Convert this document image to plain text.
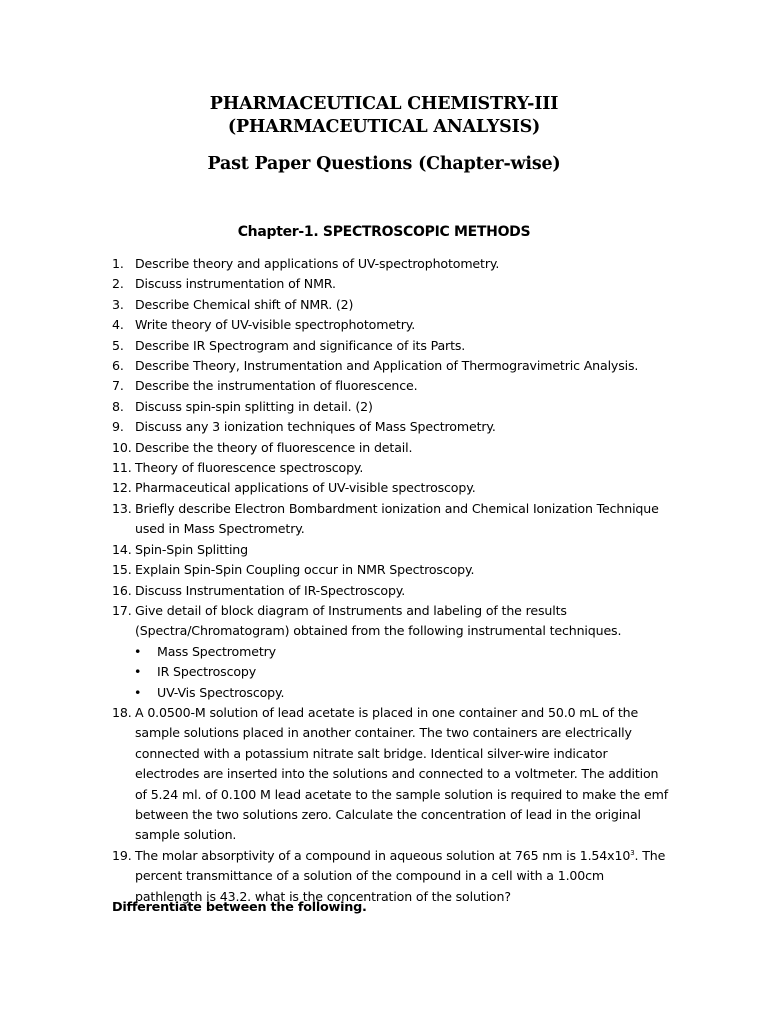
PHARMACEUTICAL CHEMISTRY-III (PHARMACEUTICAL ANALYSIS)
Past Paper Questions (Chapter-wise)
Chapter-1. SPECTROSCOPIC METHODS
1. Describe theory and applications of UV-spectrophotometry.
2. Discuss instrumentation of NMR.
3. Describe Chemical shift of NMR. (2)
4. Write theory of UV-visible spectrophotometry.
5. Describe IR Spectrogram and significance of its Parts.
6. Describe Theory, Instrumentation and Application of Thermogravimetric Analysis.
7. Describe the instrumentation of fluorescence.
8. Discuss spin-spin splitting in detail. (2)
9. Discuss any 3 ionization techniques of Mass Spectrometry.
10. Describe the theory of fluorescence in detail.
11. Theory of fluorescence spectroscopy.
12. Pharmaceutical applications of UV-visible spectroscopy.
13. Briefly describe Electron Bombardment ionization and Chemical Ionization Technique used in Mass Spectrometry.
14. Spin-Spin Splitting
15. Explain Spin-Spin Coupling occur in NMR Spectroscopy.
16. Discuss Instrumentation of IR-Spectroscopy.
17. Give detail of block diagram of Instruments and labeling of the results (Spectra/Chromatogram) obtained from the following instrumental techniques.
• Mass Spectrometry
• IR Spectroscopy
• UV-Vis Spectroscopy.
18. A 0.0500-M solution of lead acetate is placed in one container and 50.0 mL of the sample solutions placed in another container. The two containers are electrically connected with a potassium nitrate salt bridge. Identical silver-wire indicator electrodes are inserted into the solutions and connected to a voltmeter. The addition of 5.24 ml. of 0.100 M lead acetate to the sample solution is required to make the emf between the two solutions zero. Calculate the concentration of lead in the original sample solution.
19. The molar absorptivity of a compound in aqueous solution at 765 nm is $1.54x10^3$. The percent transmittance of a solution of the compound in a cell with a 1.00cm pathlength is 43.2. what is the concentration of the solution?
Differentiate between the following.
